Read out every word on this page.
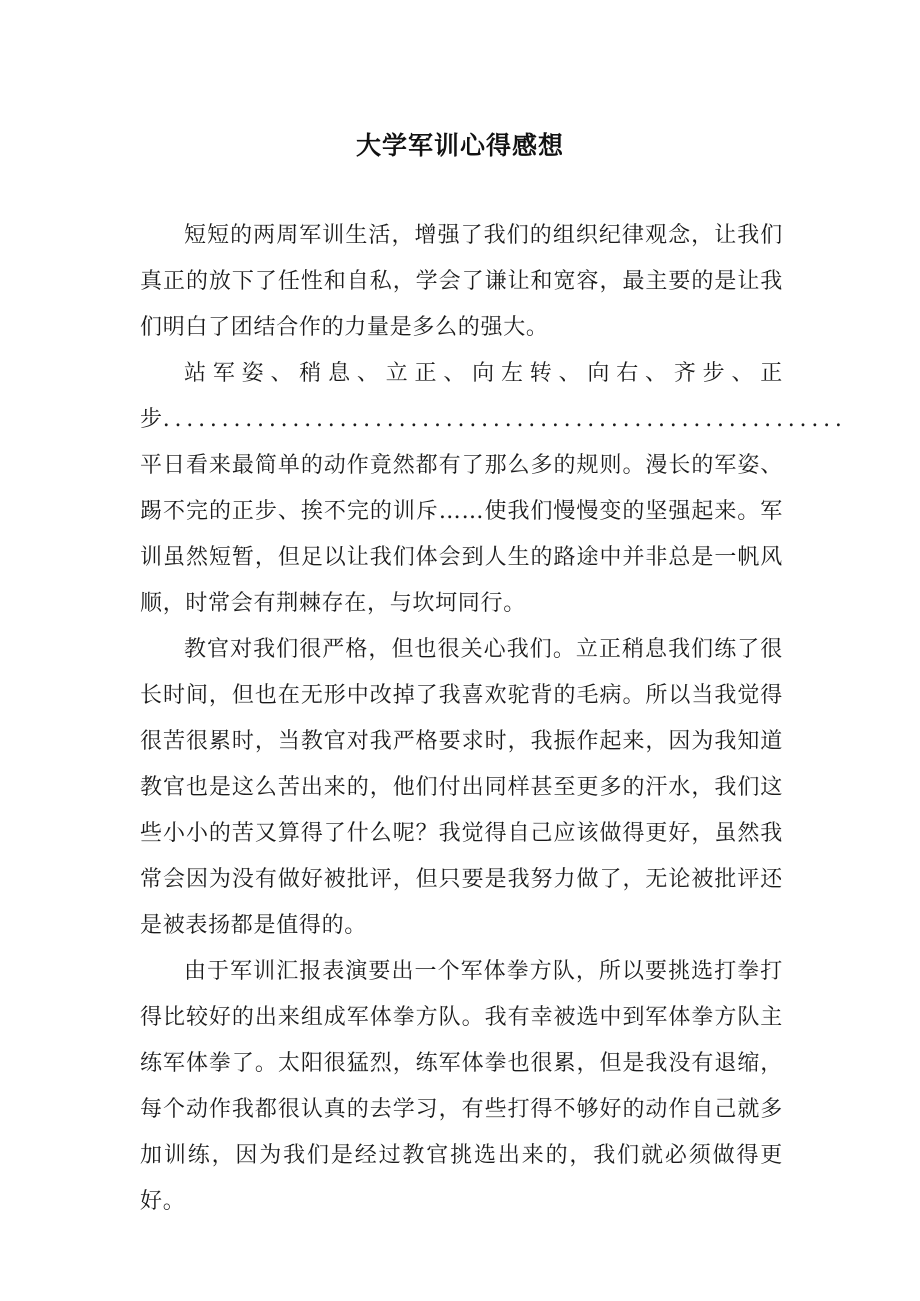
大学军训心得感想

短短的两周军训生活，增强了我们的组织纪律观念，让我们真正的放下了任性和自私，学会了谦让和宽容，最主要的是让我们明白了团结合作的力量是多么的强大。

站军姿、稍息、立正、向左转、向右、齐步、正步..........................................................平日看来最简单的动作竟然都有了那么多的规则。漫长的军姿、踢不完的正步、挨不完的训斥……使我们慢慢变的坚强起来。军训虽然短暂，但足以让我们体会到人生的路途中并非总是一帆风顺，时常会有荆棘存在，与坎坷同行。

教官对我们很严格，但也很关心我们。立正稍息我们练了很长时间，但也在无形中改掉了我喜欢驼背的毛病。所以当我觉得很苦很累时，当教官对我严格要求时，我振作起来，因为我知道教官也是这么苦出来的，他们付出同样甚至更多的汗水，我们这些小小的苦又算得了什么呢？我觉得自己应该做得更好，虽然我常会因为没有做好被批评，但只要是我努力做了，无论被批评还是被表扬都是值得的。

由于军训汇报表演要出一个军体拳方队，所以要挑选打拳打得比较好的出来组成军体拳方队。我有幸被选中到军体拳方队主练军体拳了。太阳很猛烈，练军体拳也很累，但是我没有退缩，每个动作我都很认真的去学习，有些打得不够好的动作自己就多加训练，因为我们是经过教官挑选出来的，我们就必须做得更好。
